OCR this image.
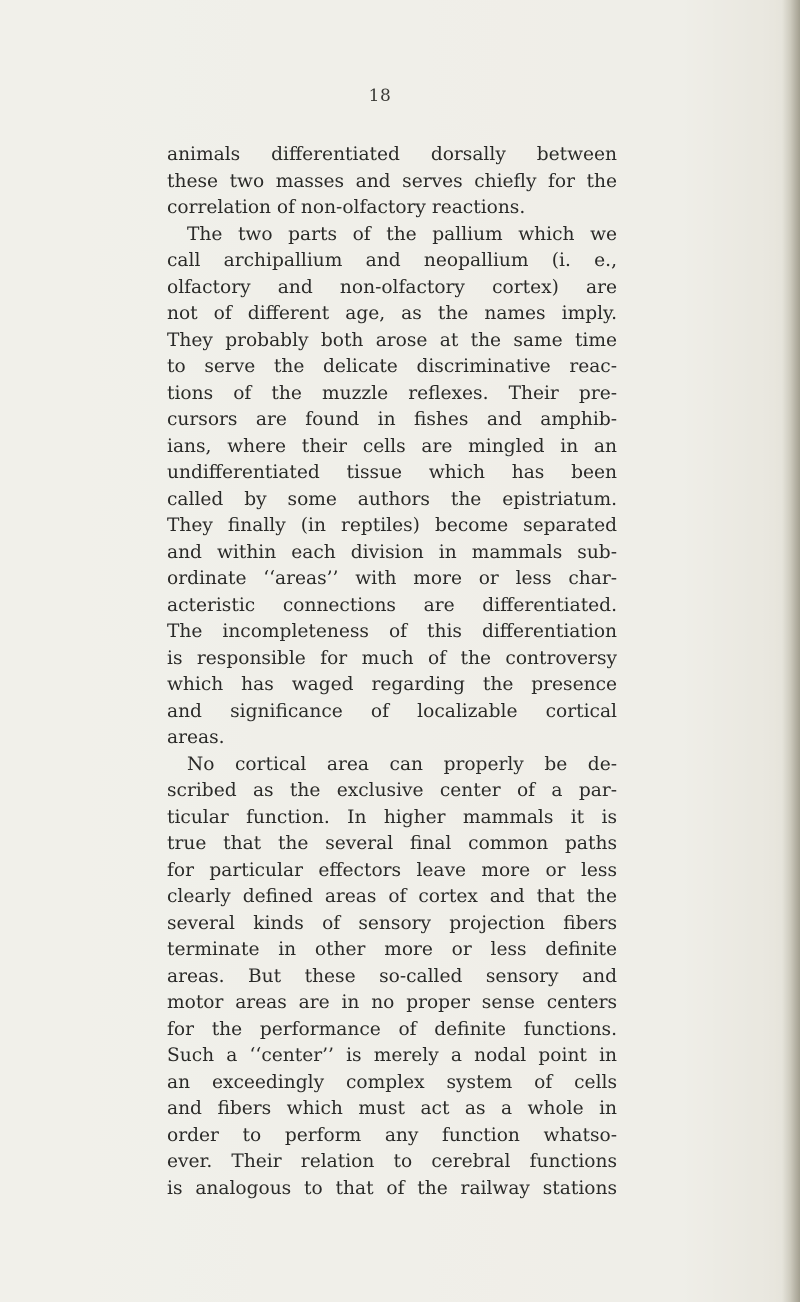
18
animals differentiated dorsally between
these two masses and serves chiefly for the
correlation of non-olfactory reactions.
The two parts of the pallium which we
call archipallium and neopallium (i. e.,
olfactory and non-olfactory cortex) are
not of different age, as the names imply.
They probably both arose at the same time
to serve the delicate discriminative reac-
tions of the muzzle reflexes. Their pre-
cursors are found in fishes and amphib-
ians, where their cells are mingled in an
undifferentiated tissue which has been
called by some authors the epistriatum.
They finally (in reptiles) become separated
and within each division in mammals sub-
ordinate ‘‘areas’’ with more or less char-
acteristic connections are differentiated.
The incompleteness of this differentiation
is responsible for much of the controversy
which has waged regarding the presence
and significance of localizable cortical
areas.
No cortical area can properly be de-
scribed as the exclusive center of a par-
ticular function. In higher mammals it is
true that the several final common paths
for particular effectors leave more or less
clearly defined areas of cortex and that the
several kinds of sensory projection fibers
terminate in other more or less definite
areas. But these so-called sensory and
motor areas are in no proper sense centers
for the performance of definite functions.
Such a ‘‘center’’ is merely a nodal point in
an exceedingly complex system of cells
and fibers which must act as a whole in
order to perform any function whatso-
ever. Their relation to cerebral functions
is analogous to that of the railway stations
